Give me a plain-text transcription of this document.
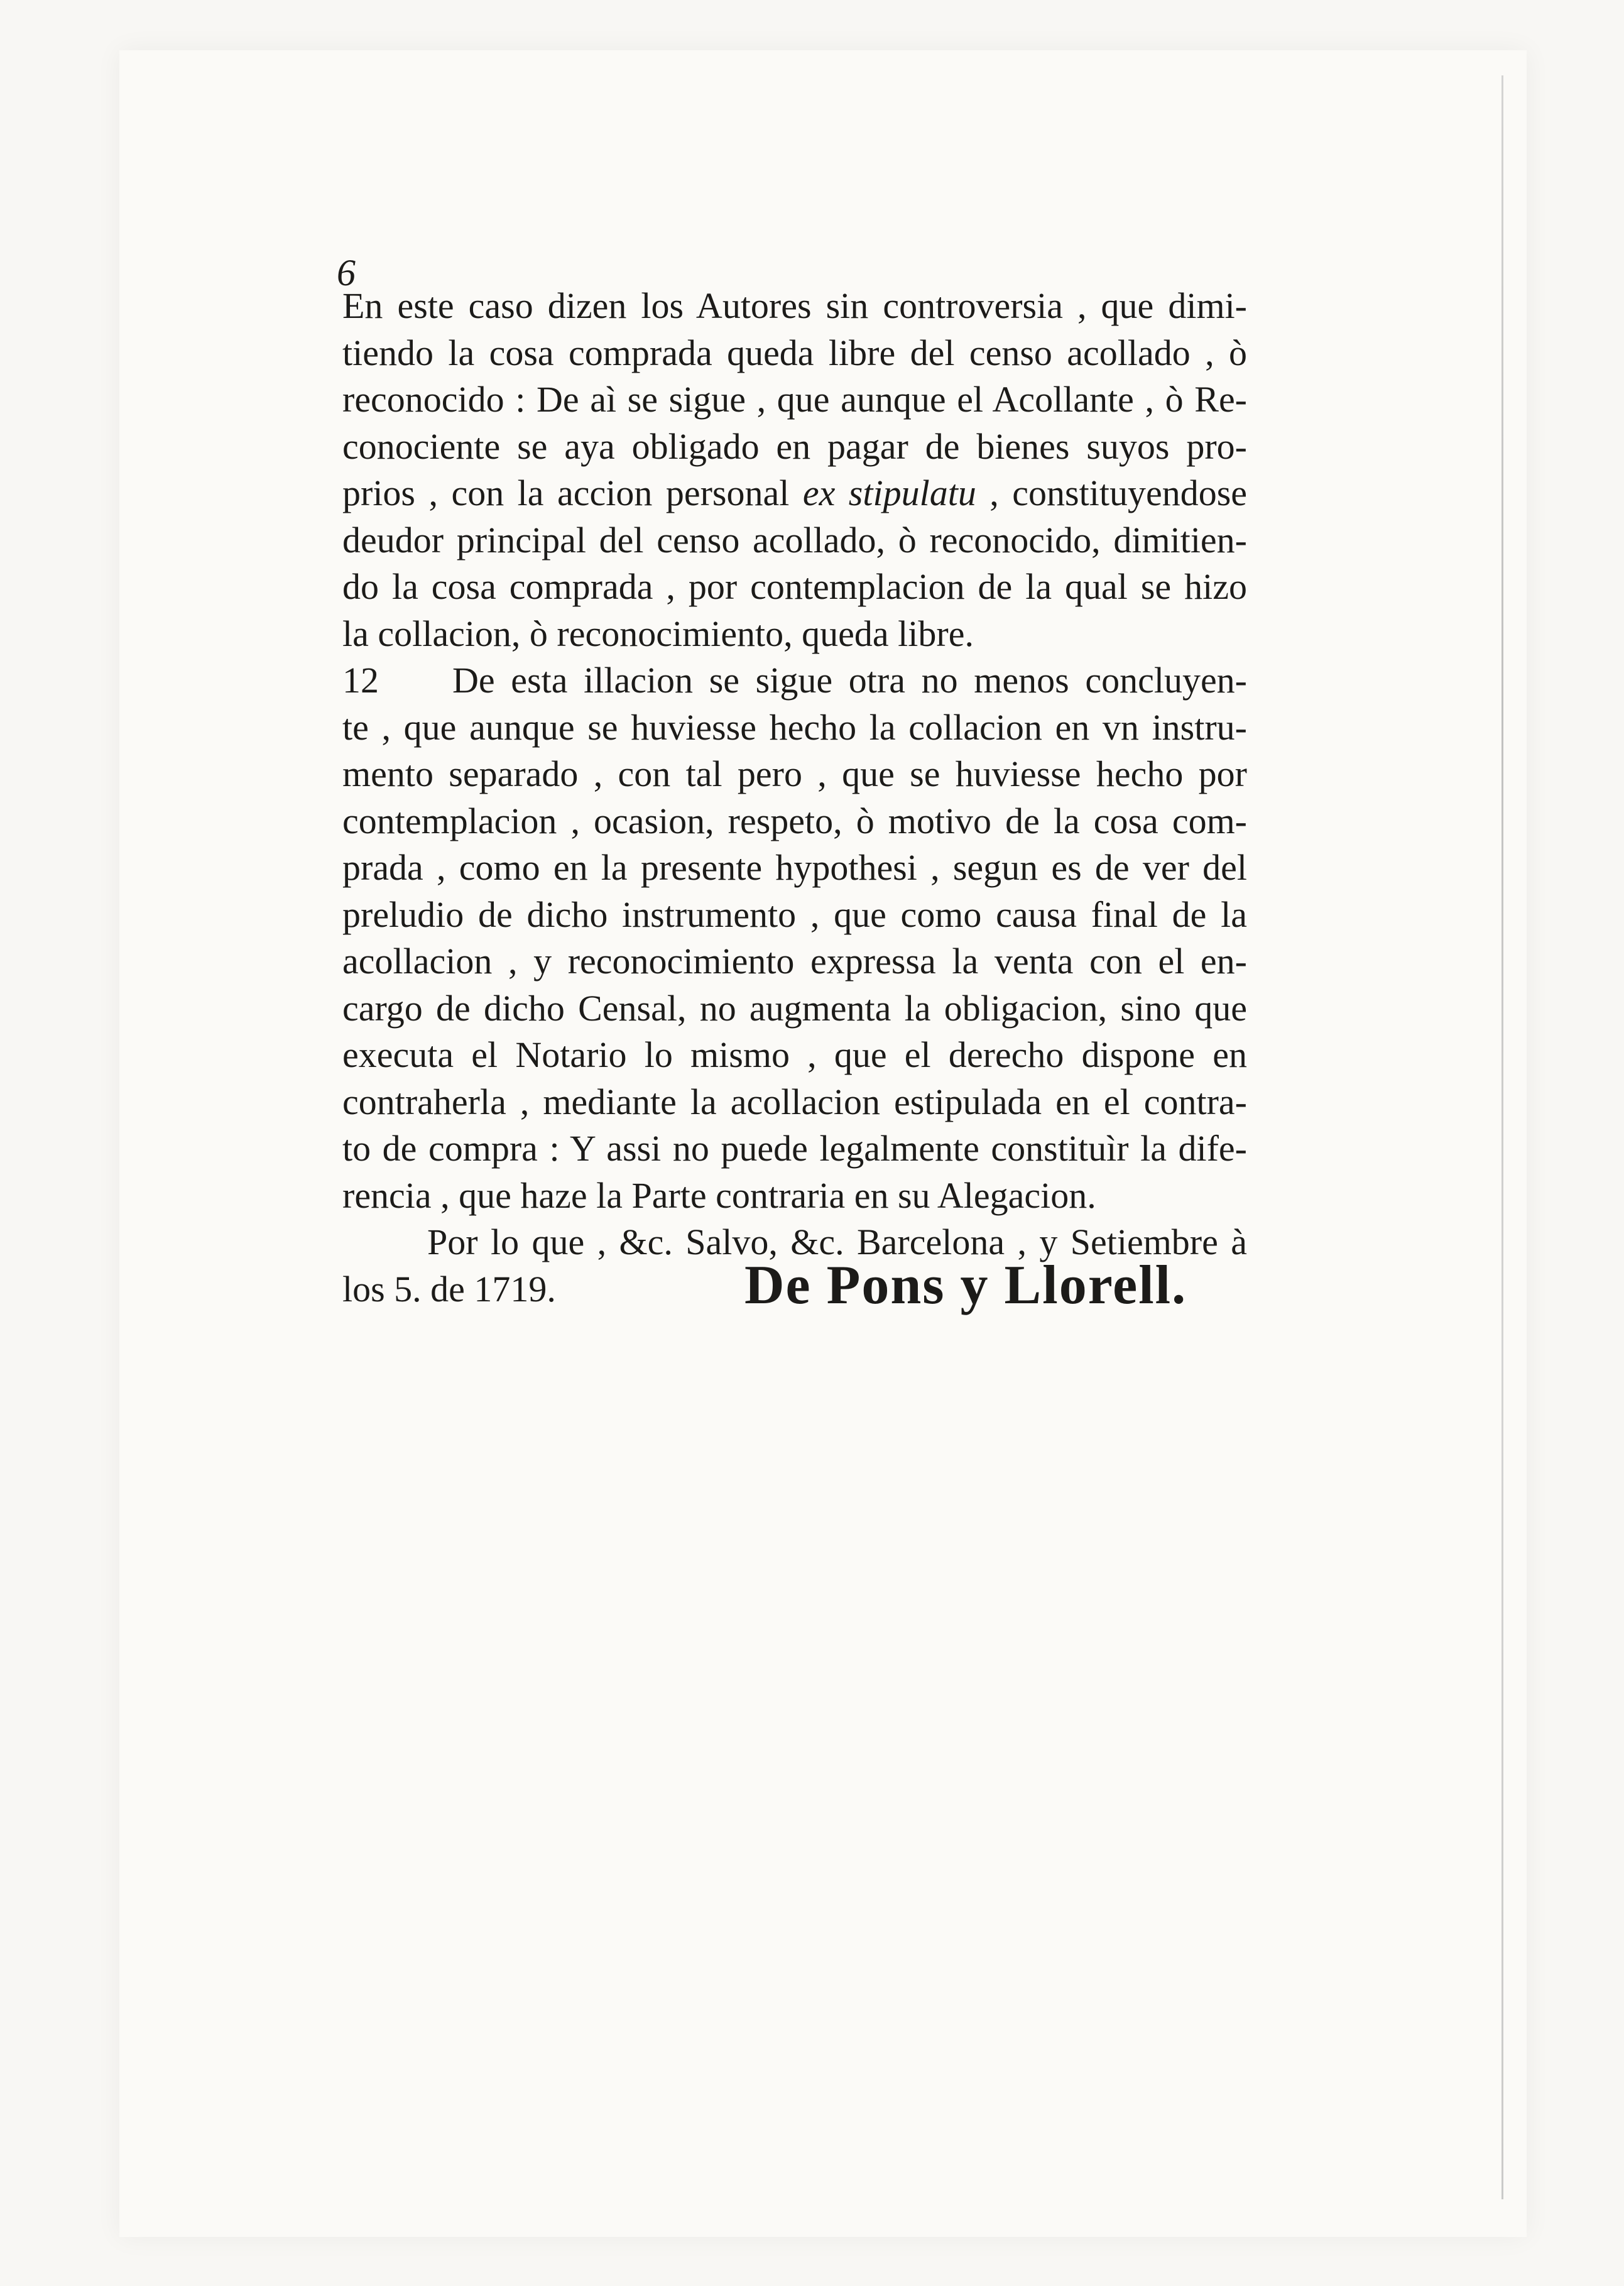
6
En este caso dizen los Autores sin controversia , que dimi-
tiendo la cosa comprada queda libre del censo acollado , ò
reconocido : De aì se sigue , que aunque el Acollante , ò Re-
conociente se aya obligado en pagar de bienes suyos pro-
prios , con la accion personal ex stipulatu , constituyendose
deudor principal del censo acollado, ò reconocido, dimitien-
do la cosa comprada , por contemplacion de la qual se hizo
la collacion, ò reconocimiento, queda libre.
12 De esta illacion se sigue otra no menos concluyen-
te , que aunque se huviesse hecho la collacion en vn instru-
mento separado , con tal pero , que se huviesse hecho por
contemplacion , ocasion, respeto, ò motivo de la cosa com-
prada , como en la presente hypothesi , segun es de ver del
preludio de dicho instrumento , que como causa final de la
acollacion , y reconocimiento expressa la venta con el en-
cargo de dicho Censal, no augmenta la obligacion, sino que
executa el Notario lo mismo , que el derecho dispone en
contraherla , mediante la acollacion estipulada en el contra-
to de compra : Y assi no puede legalmente constituìr la dife-
rencia , que haze la Parte contraria en su Alegacion.
Por lo que , &c. Salvo, &c. Barcelona , y Setiembre à
los 5. de 1719.	De Pons y Llorell.
